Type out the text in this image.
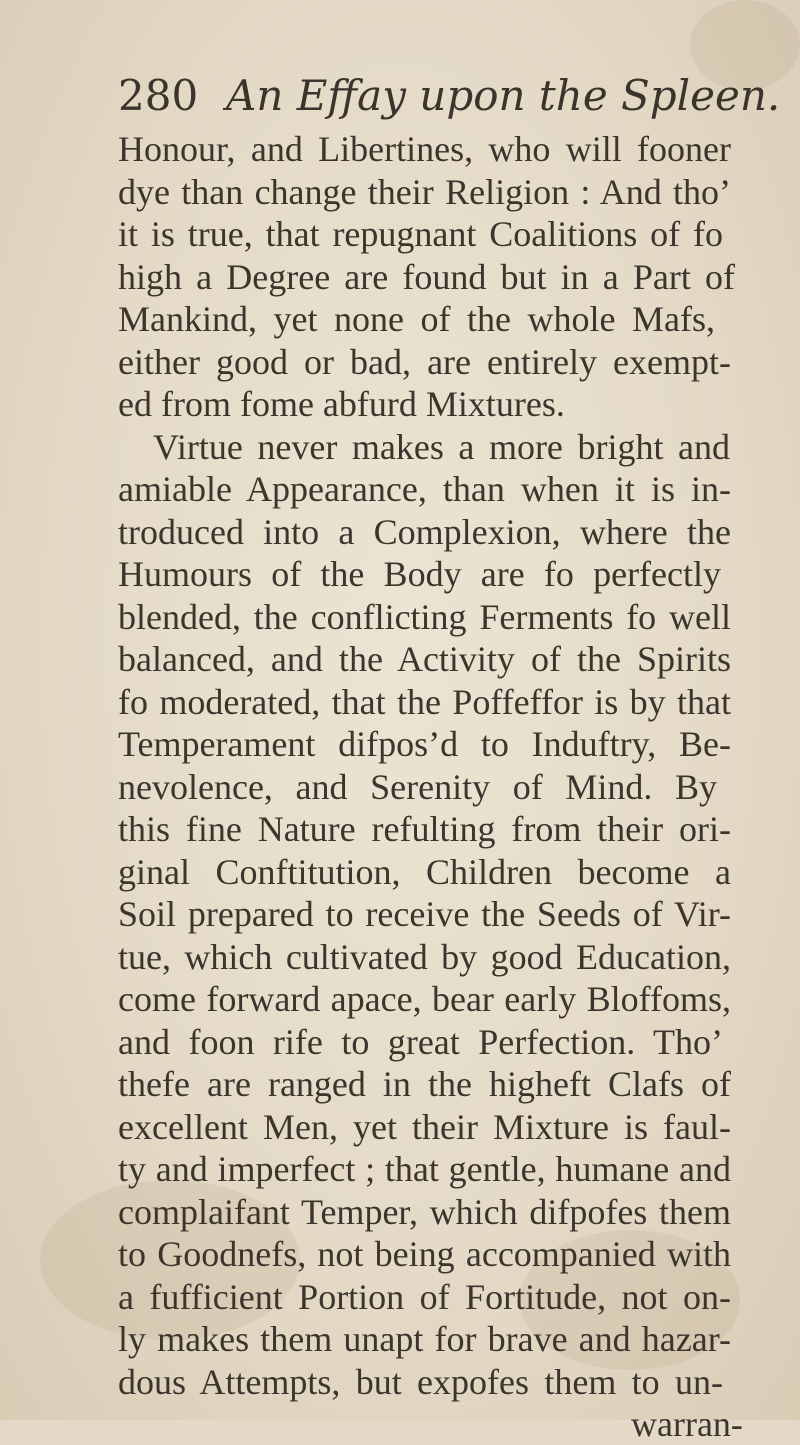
280 An Effay upon the Spleen.
Honour, and Libertines, who will fooner
dye than change their Religion : And tho’
it is true, that repugnant Coalitions of fo
high a Degree are found but in a Part of
Mankind, yet none of the whole Mafs,
either good or bad, are entirely exempt-
ed from fome abfurd Mixtures.
Virtue never makes a more bright and
amiable Appearance, than when it is in-
troduced into a Complexion, where the
Humours of the Body are fo perfectly
blended, the conflicting Ferments fo well
balanced, and the Activity of the Spirits
fo moderated, that the Poffeffor is by that
Temperament difpos’d to Induftry, Be-
nevolence, and Serenity of Mind. By
this fine Nature refulting from their ori-
ginal Conftitution, Children become a
Soil prepared to receive the Seeds of Vir-
tue, which cultivated by good Education,
come forward apace, bear early Bloffoms,
and foon rife to great Perfection. Tho’
thefe are ranged in the higheft Clafs of
excellent Men, yet their Mixture is faul-
ty and imperfect ; that gentle, humane and
complaifant Temper, which difpofes them
to Goodnefs, not being accompanied with
a fufficient Portion of Fortitude, not on-
ly makes them unapt for brave and hazar-
dous Attempts, but expofes them to un-
warran-
